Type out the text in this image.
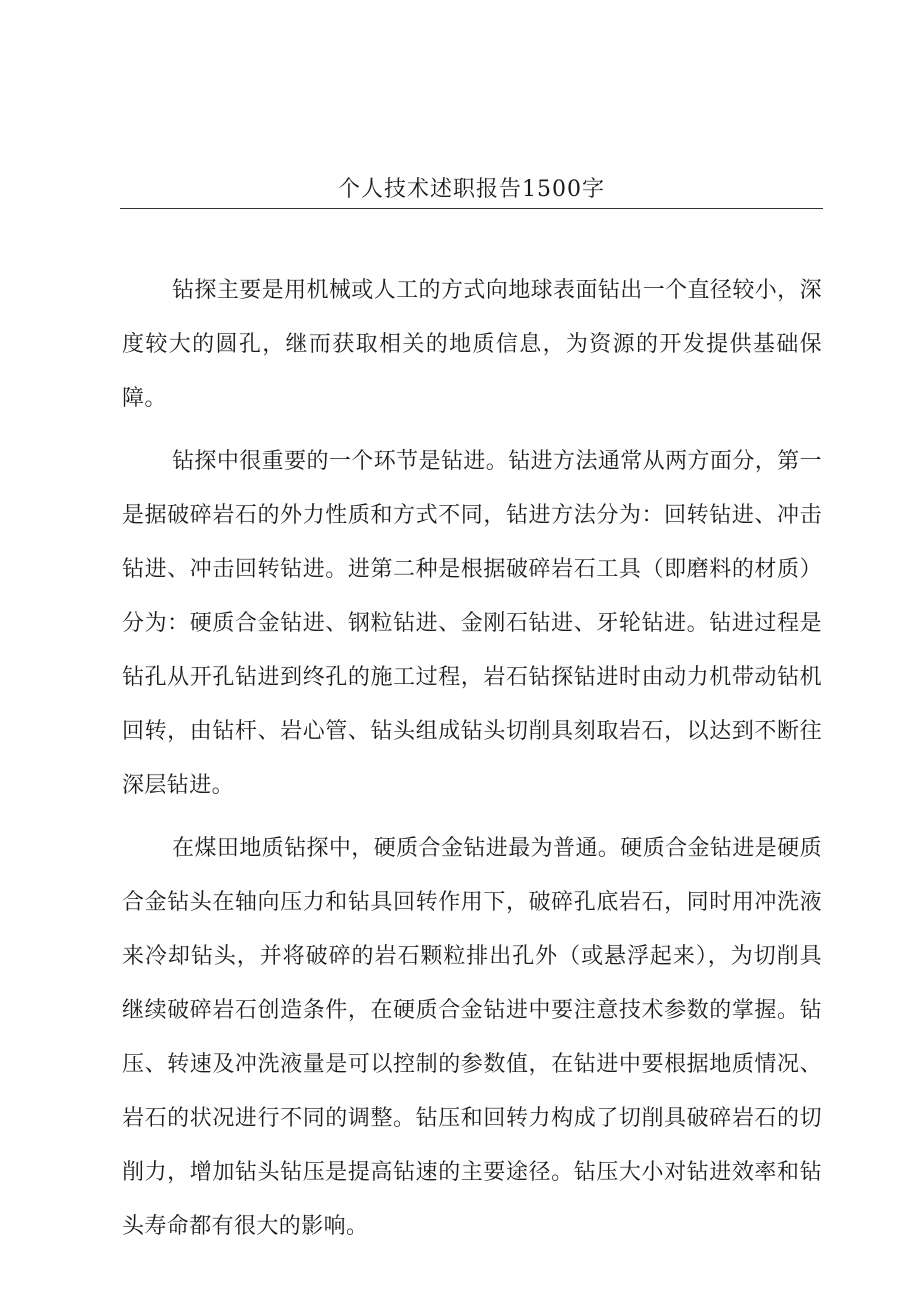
个人技术述职报告1500字

钻探主要是用机械或人工的方式向地球表面钻出一个直径较小，深度较大的圆孔，继而获取相关的地质信息，为资源的开发提供基础保障。

钻探中很重要的一个环节是钻进。钻进方法通常从两方面分，第一是据破碎岩石的外力性质和方式不同，钻进方法分为：回转钻进、冲击钻进、冲击回转钻进。进第二种是根据破碎岩石工具（即磨料的材质）分为：硬质合金钻进、钢粒钻进、金刚石钻进、牙轮钻进。钻进过程是钻孔从开孔钻进到终孔的施工过程，岩石钻探钻进时由动力机带动钻机回转，由钻杆、岩心管、钻头组成钻头切削具刻取岩石，以达到不断往深层钻进。

在煤田地质钻探中，硬质合金钻进最为普通。硬质合金钻进是硬质合金钻头在轴向压力和钻具回转作用下，破碎孔底岩石，同时用冲洗液来冷却钻头，并将破碎的岩石颗粒排出孔外（或悬浮起来），为切削具继续破碎岩石创造条件，在硬质合金钻进中要注意技术参数的掌握。钻压、转速及冲洗液量是可以控制的参数值，在钻进中要根据地质情况、岩石的状况进行不同的调整。钻压和回转力构成了切削具破碎岩石的切削力，增加钻头钻压是提高钻速的主要途径。钻压大小对钻进效率和钻头寿命都有很大的影响。
